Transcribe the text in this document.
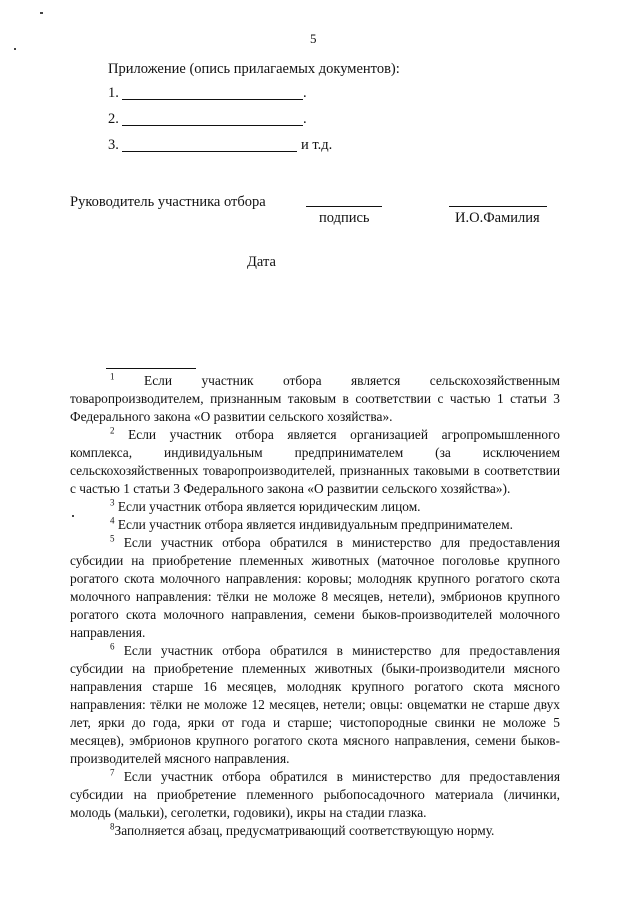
5
Приложение (опись прилагаемых документов):
1.	.
2.	.
3.	и т.д.
Руководитель участника отбора
подпись	И.О.Фамилия
Дата

$^1$ Если участник отбора является сельскохозяйственным товаропроизводителем, признанным таковым в соответствии с частью 1 статьи 3 Федерального закона «О развитии сельского хозяйства».

$^2$ Если участник отбора является организацией агропромышленного комплекса, индивидуальным предпринимателем (за исключением сельскохозяйственных товаропроизводителей, признанных таковыми в соответствии с частью 1 статьи 3 Федерального закона «О развитии сельского хозяйства»).

$^3$ Если участник отбора является юридическим лицом.

$^4$ Если участник отбора является индивидуальным предпринимателем.

$^5$ Если участник отбора обратился в министерство для предоставления субсидии на приобретение племенных животных (маточное поголовье крупного рогатого скота молочного направления: коровы; молодняк крупного рогатого скота молочного направления: тёлки не моложе 8 месяцев, нетели), эмбрионов крупного рогатого скота молочного направления, семени быков-производителей молочного направления.

$^6$ Если участник отбора обратился в министерство для предоставления субсидии на приобретение племенных животных (быки-производители мясного направления старше 16 месяцев, молодняк крупного рогатого скота мясного направления: тёлки не моложе 12 месяцев, нетели; овцы: овцематки не старше двух лет, ярки до года, ярки от года и старше; чистопородные свинки не моложе 5 месяцев), эмбрионов крупного рогатого скота мясного направления, семени быков-производителей мясного направления.

$^7$ Если участник отбора обратился в министерство для предоставления субсидии на приобретение племенного рыбопосадочного материала (личинки, молодь (мальки), сеголетки, годовики), икры на стадии глазка.

$^8$Заполняется абзац, предусматривающий соответствующую норму.
